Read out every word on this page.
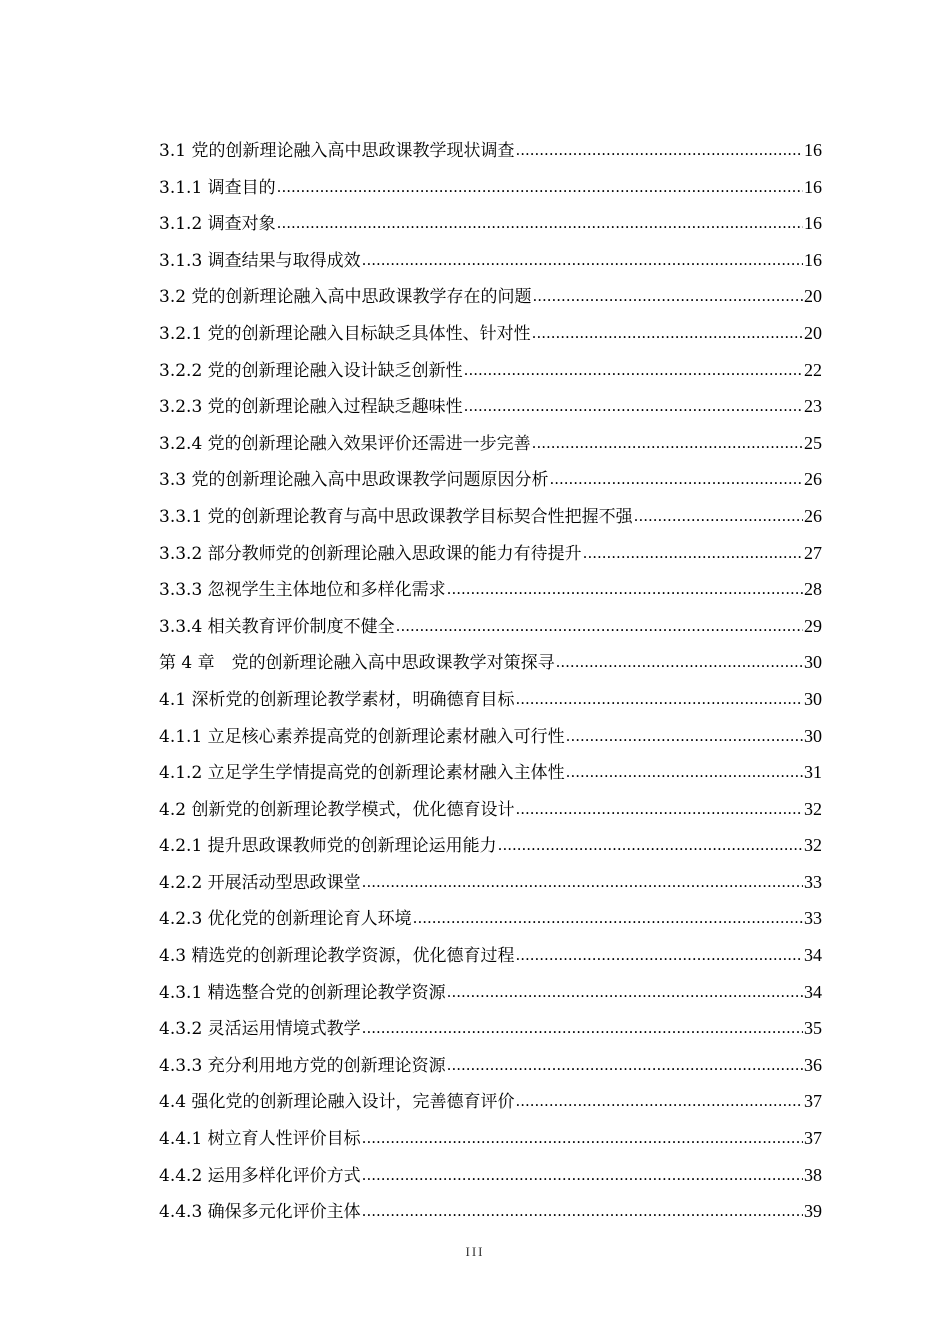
3.1 党的创新理论融入高中思政课教学现状调查 .....	16
3.1.1 调查目的 .....	16
3.1.2 调查对象 .....	16
3.1.3 调查结果与取得成效 .....	16
3.2 党的创新理论融入高中思政课教学存在的问题 .....	20
3.2.1 党的创新理论融入目标缺乏具体性、针对性 .....	20
3.2.2 党的创新理论融入设计缺乏创新性 .....	22
3.2.3 党的创新理论融入过程缺乏趣味性 .....	23
3.2.4 党的创新理论融入效果评价还需进一步完善 .....	25
3.3 党的创新理论融入高中思政课教学问题原因分析 .....	26
3.3.1 党的创新理论教育与高中思政课教学目标契合性把握不强 .....	26
3.3.2 部分教师党的创新理论融入思政课的能力有待提升 .....	27
3.3.3 忽视学生主体地位和多样化需求 .....	28
3.3.4 相关教育评价制度不健全 .....	29
第 4 章　党的创新理论融入高中思政课教学对策探寻 .....	30
4.1 深析党的创新理论教学素材，明确德育目标 .....	30
4.1.1 立足核心素养提高党的创新理论素材融入可行性 .....	30
4.1.2 立足学生学情提高党的创新理论素材融入主体性 .....	31
4.2 创新党的创新理论教学模式，优化德育设计 .....	32
4.2.1 提升思政课教师党的创新理论运用能力 .....	32
4.2.2 开展活动型思政课堂 .....	33
4.2.3 优化党的创新理论育人环境 .....	33
4.3 精选党的创新理论教学资源，优化德育过程 .....	34
4.3.1 精选整合党的创新理论教学资源 .....	34
4.3.2 灵活运用情境式教学 .....	35
4.3.3 充分利用地方党的创新理论资源 .....	36
4.4 强化党的创新理论融入设计，完善德育评价 .....	37
4.4.1 树立育人性评价目标 .....	37
4.4.2 运用多样化评价方式 .....	38
4.4.3 确保多元化评价主体 .....	39
III
